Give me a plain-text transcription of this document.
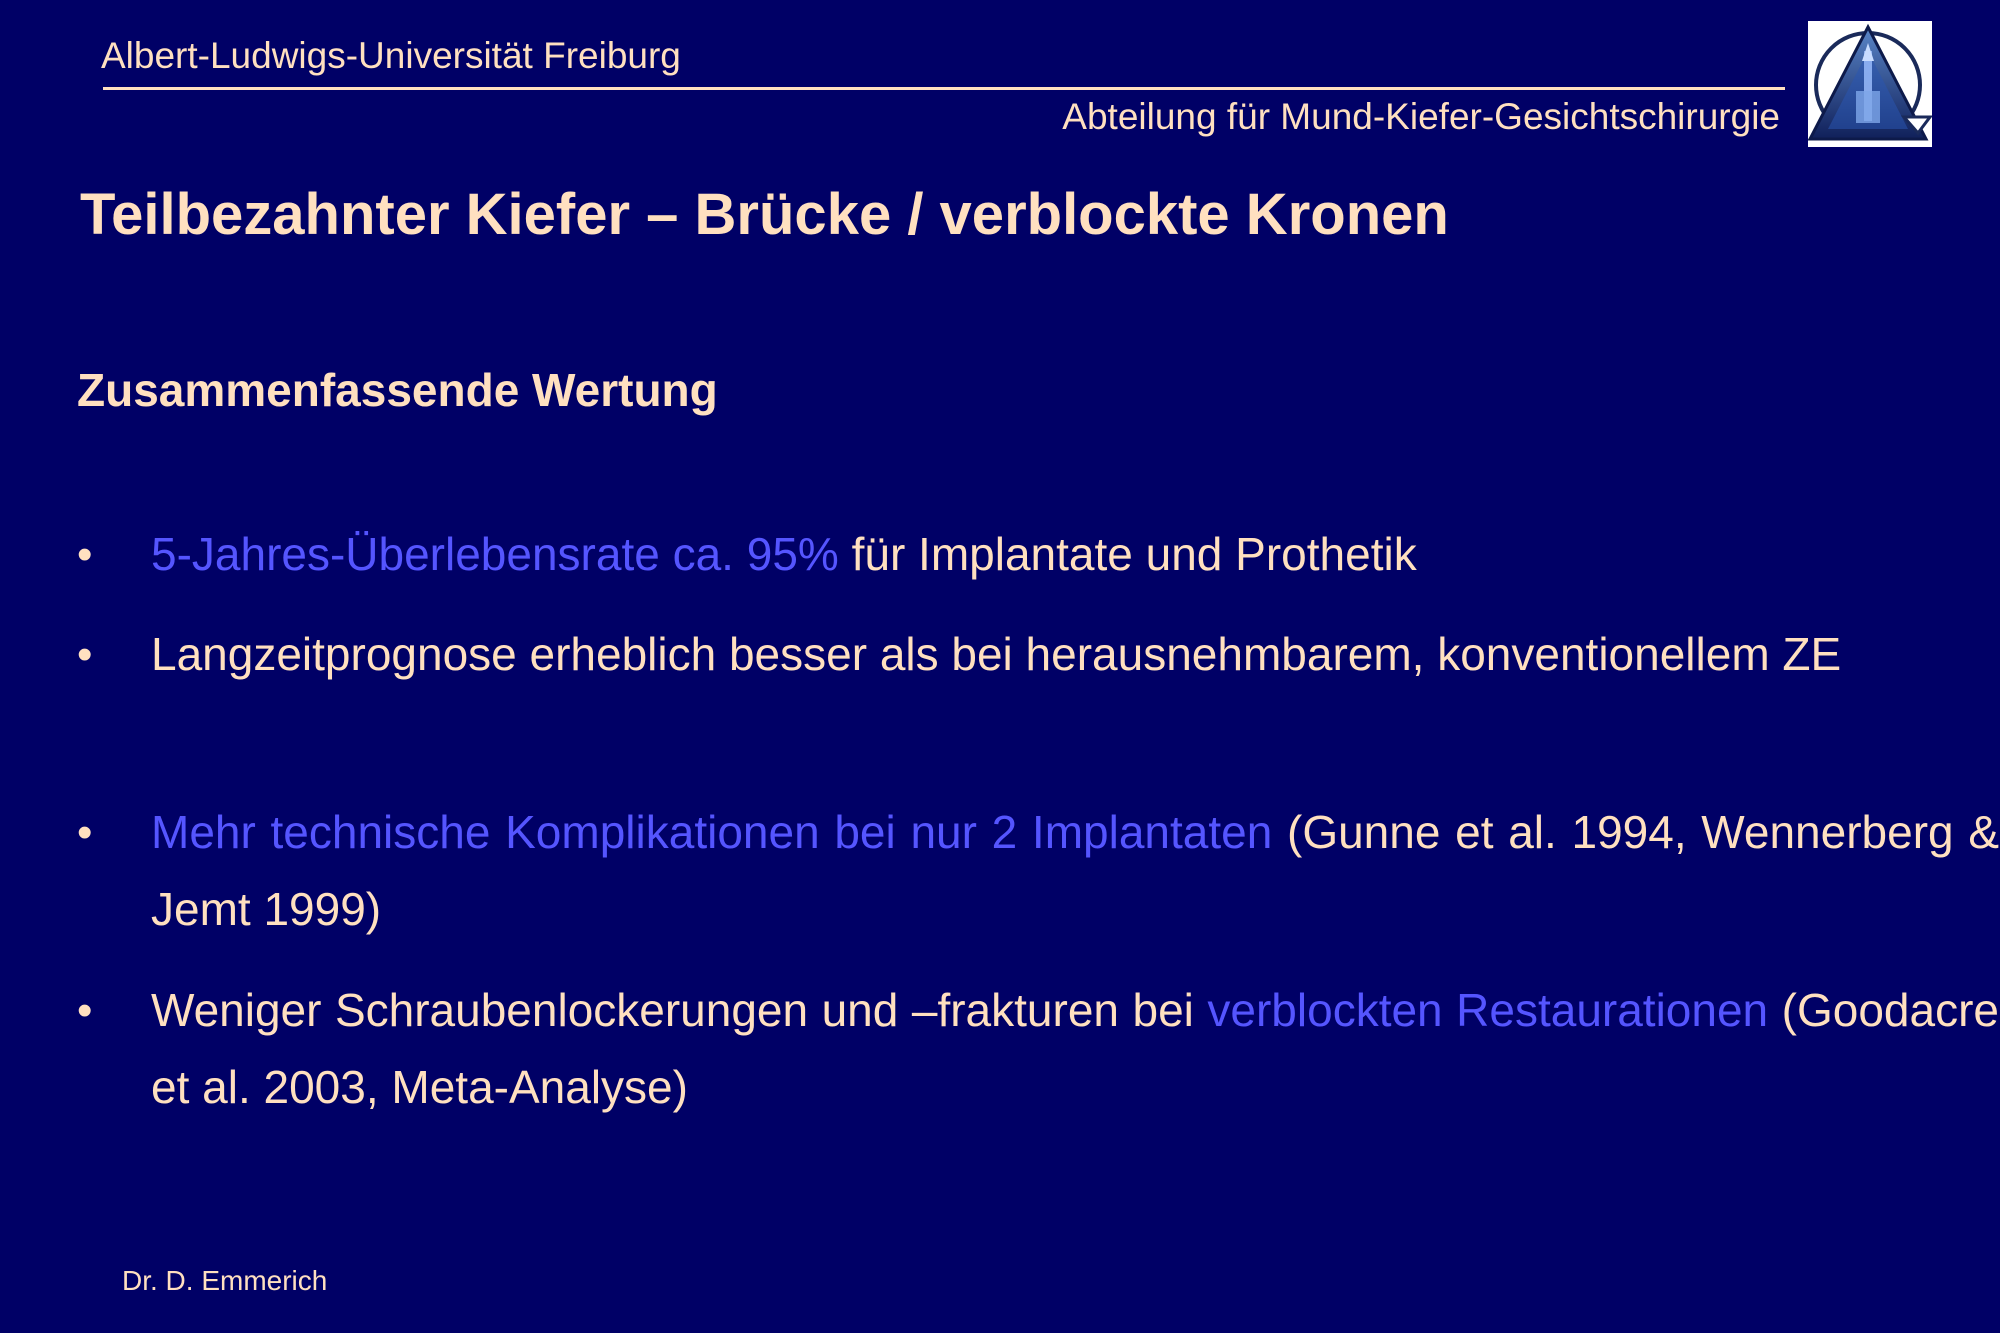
Albert-Ludwigs-Universität Freiburg
Abteilung für Mund-Kiefer-Gesichtschirurgie
Teilbezahnter Kiefer – Brücke / verblockte Kronen
Zusammenfassende Wertung
• 5-Jahres-Überlebensrate ca. 95% für Implantate und Prothetik
• Langzeitprognose erheblich besser als bei herausnehmbarem, konventionellem ZE
• Mehr technische Komplikationen bei nur 2 Implantaten (Gunne et al. 1994, Wennerberg & Jemt 1999)
• Weniger Schraubenlockerungen und –frakturen bei verblockten Restaurationen (Goodacre et al. 2003, Meta-Analyse)
Dr. D. Emmerich
